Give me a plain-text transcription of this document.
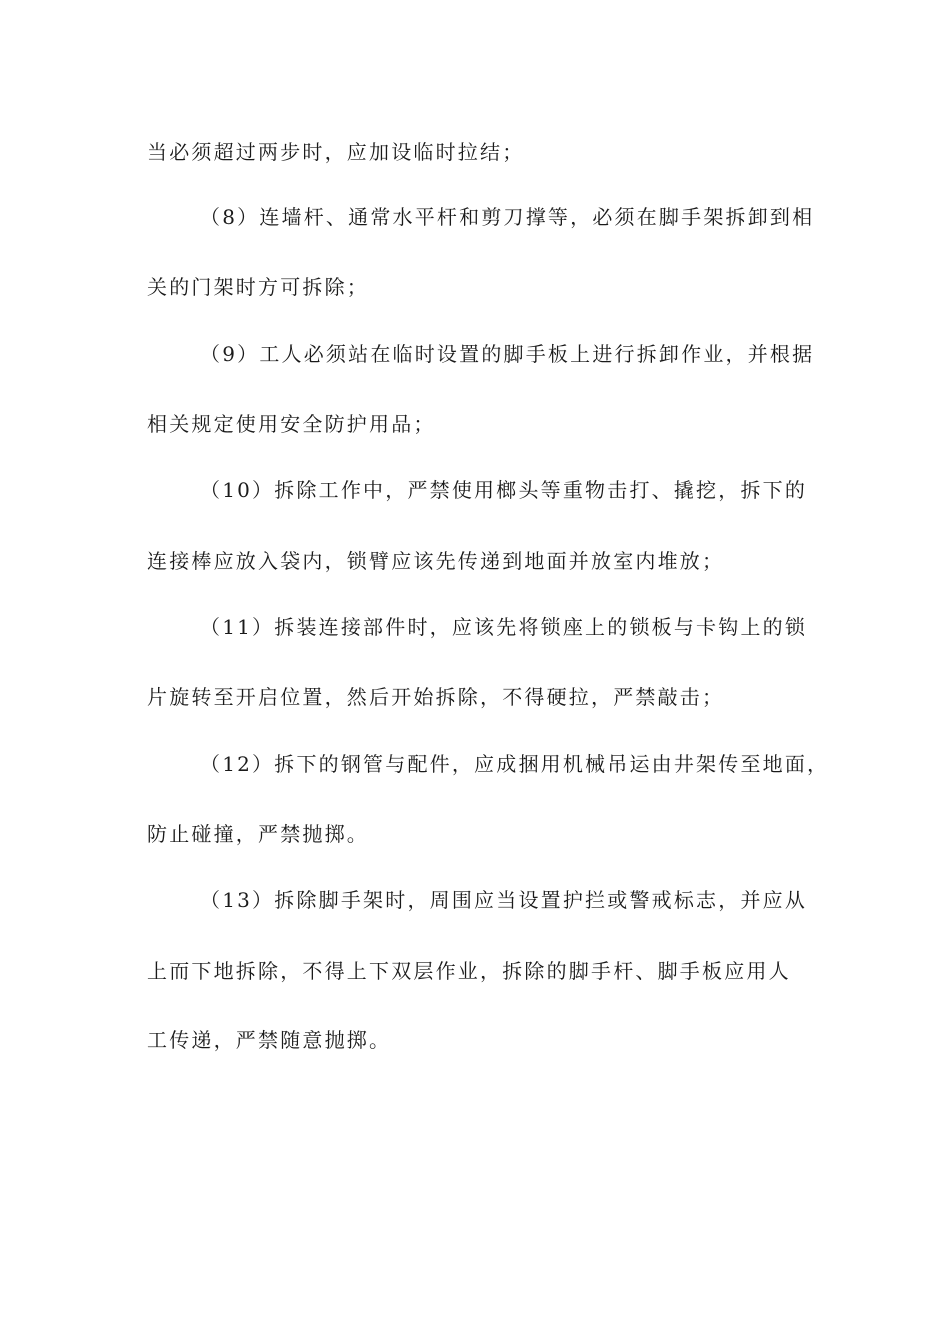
当必须超过两步时，应加设临时拉结；
（8）连墙杆、通常水平杆和剪刀撑等，必须在脚手架拆卸到相
关的门架时方可拆除；
（9）工人必须站在临时设置的脚手板上进行拆卸作业，并根据
相关规定使用安全防护用品；
（10）拆除工作中，严禁使用榔头等重物击打、撬挖，拆下的
连接棒应放入袋内，锁臂应该先传递到地面并放室内堆放；
（11）拆装连接部件时，应该先将锁座上的锁板与卡钩上的锁
片旋转至开启位置，然后开始拆除，不得硬拉，严禁敲击；
（12）拆下的钢管与配件，应成捆用机械吊运由井架传至地面，
防止碰撞，严禁抛掷。
（13）拆除脚手架时，周围应当设置护拦或警戒标志，并应从
上而下地拆除，不得上下双层作业，拆除的脚手杆、脚手板应用人
工传递，严禁随意抛掷。
